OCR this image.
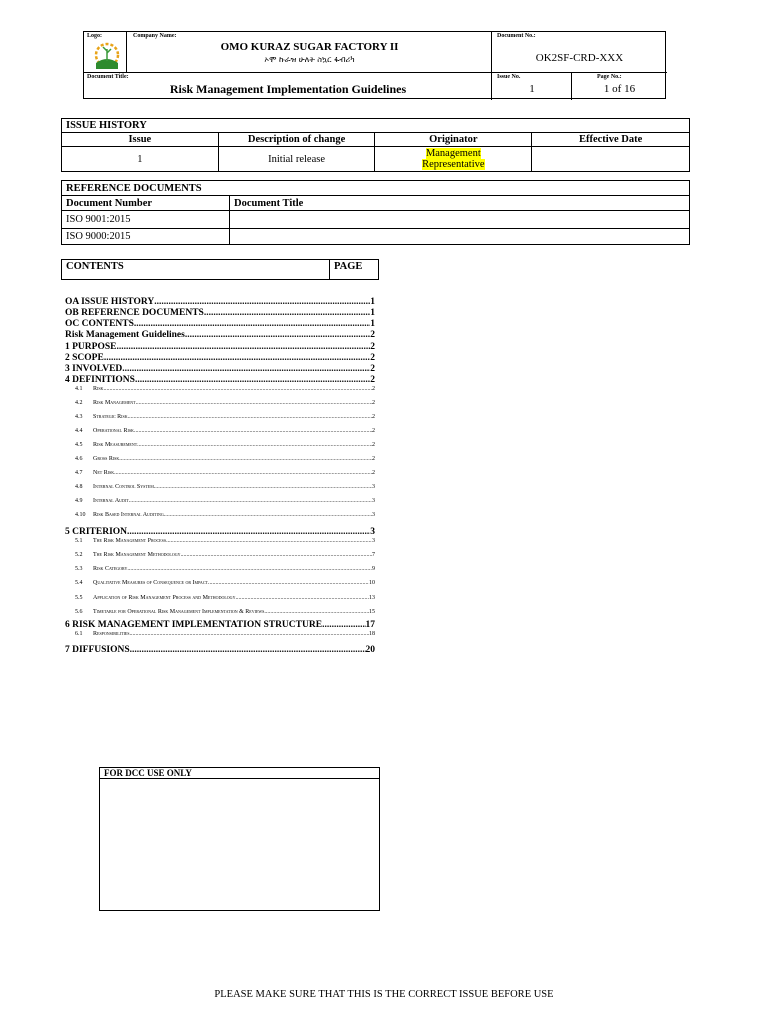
Logo:	Company Name:
OMO KURAZ SUGAR FACTORY II
ኦሞ ኩራዝ ሁለት ስኳር ፋብሪካ
Document No.:
OK2SF-CRD-XXX
Document Title:
Risk Management Implementation Guidelines
Issue No.
1
Page No.:
1 of 16
ISSUE HISTORY			
Issue	Description of change	Originator	Effective Date
1	Initial release	Management
Representative	
REFERENCE DOCUMENTS	
Document Number	Document Title
ISO 9001:2015	
ISO 9000:2015	
CONTENTS	PAGE
OA ISSUE HISTORY .....	1
OB REFERENCE DOCUMENTS .....	1
OC CONTENTS .....	1
Risk Management Guidelines .....	2
1 PURPOSE .....	2
2 SCOPE .....	2
3 INVOLVED .....	2
4 DEFINITIONS .....	2
4.1	Risk .....	2
4.2	Risk Management .....	2
4.3	Strategic Risk .....	2
4.4	Operational Risk .....	2
4.5	Risk Measurement .....	2
4.6	Gross Risk .....	2
4.7	Net Risk .....	2
4.8	Internal Control System .....	3
4.9	Internal Audit .....	3
4.10	Risk Based Internal Auditing .....	3
5 CRITERION .....	3
5.1	The Risk Management Process .....	3
5.2	The Risk Management Methodology .....	7
5.3	Risk Category .....	9
5.4	Qualitative Measures of Consequence or Impact .....	10
5.5	Application of Risk Management Process and Methodology .....	13
5.6	Timetable for Operational Risk Management Implementation & Reviews .....	15
6 RISK MANAGEMENT IMPLEMENTATION STRUCTURE .....	17
6.1	Responsibilities .....	18
7 DIFFUSIONS .....	20
FOR DCC USE ONLY
PLEASE MAKE SURE THAT THIS IS THE CORRECT ISSUE BEFORE USE
